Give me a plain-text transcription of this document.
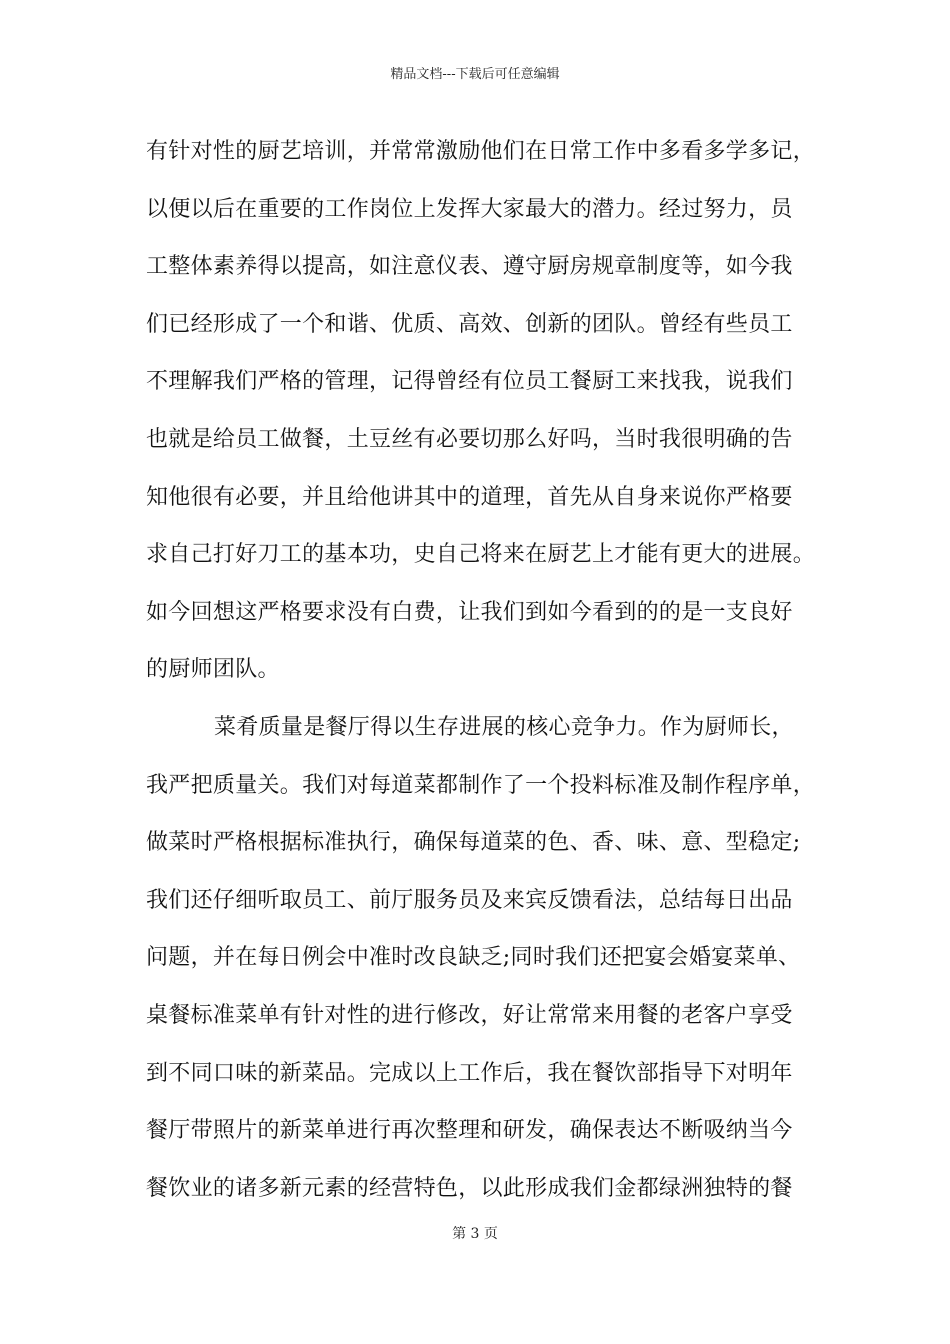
精品文档---下载后可任意编辑
有针对性的厨艺培训，并常常激励他们在日常工作中多看多学多记，
以便以后在重要的工作岗位上发挥大家最大的潜力。经过努力，员
工整体素养得以提高，如注意仪表、遵守厨房规章制度等，如今我
们已经形成了一个和谐、优质、高效、创新的团队。曾经有些员工
不理解我们严格的管理，记得曾经有位员工餐厨工来找我，说我们
也就是给员工做餐，土豆丝有必要切那么好吗，当时我很明确的告
知他很有必要，并且给他讲其中的道理，首先从自身来说你严格要
求自己打好刀工的基本功，史自己将来在厨艺上才能有更大的进展。
如今回想这严格要求没有白费，让我们到如今看到的的是一支良好
的厨师团队。
菜肴质量是餐厅得以生存进展的核心竞争力。作为厨师长，
我严把质量关。我们对每道菜都制作了一个投料标准及制作程序单，
做菜时严格根据标准执行，确保每道菜的色、香、味、意、型稳定;
我们还仔细听取员工、前厅服务员及来宾反馈看法，总结每日出品
问题，并在每日例会中准时改良缺乏;同时我们还把宴会婚宴菜单、
桌餐标准菜单有针对性的进行修改，好让常常来用餐的老客户享受
到不同口味的新菜品。完成以上工作后，我在餐饮部指导下对明年
餐厅带照片的新菜单进行再次整理和研发，确保表达不断吸纳当今
餐饮业的诸多新元素的经营特色，以此形成我们金都绿洲独特的餐
第 3 页
